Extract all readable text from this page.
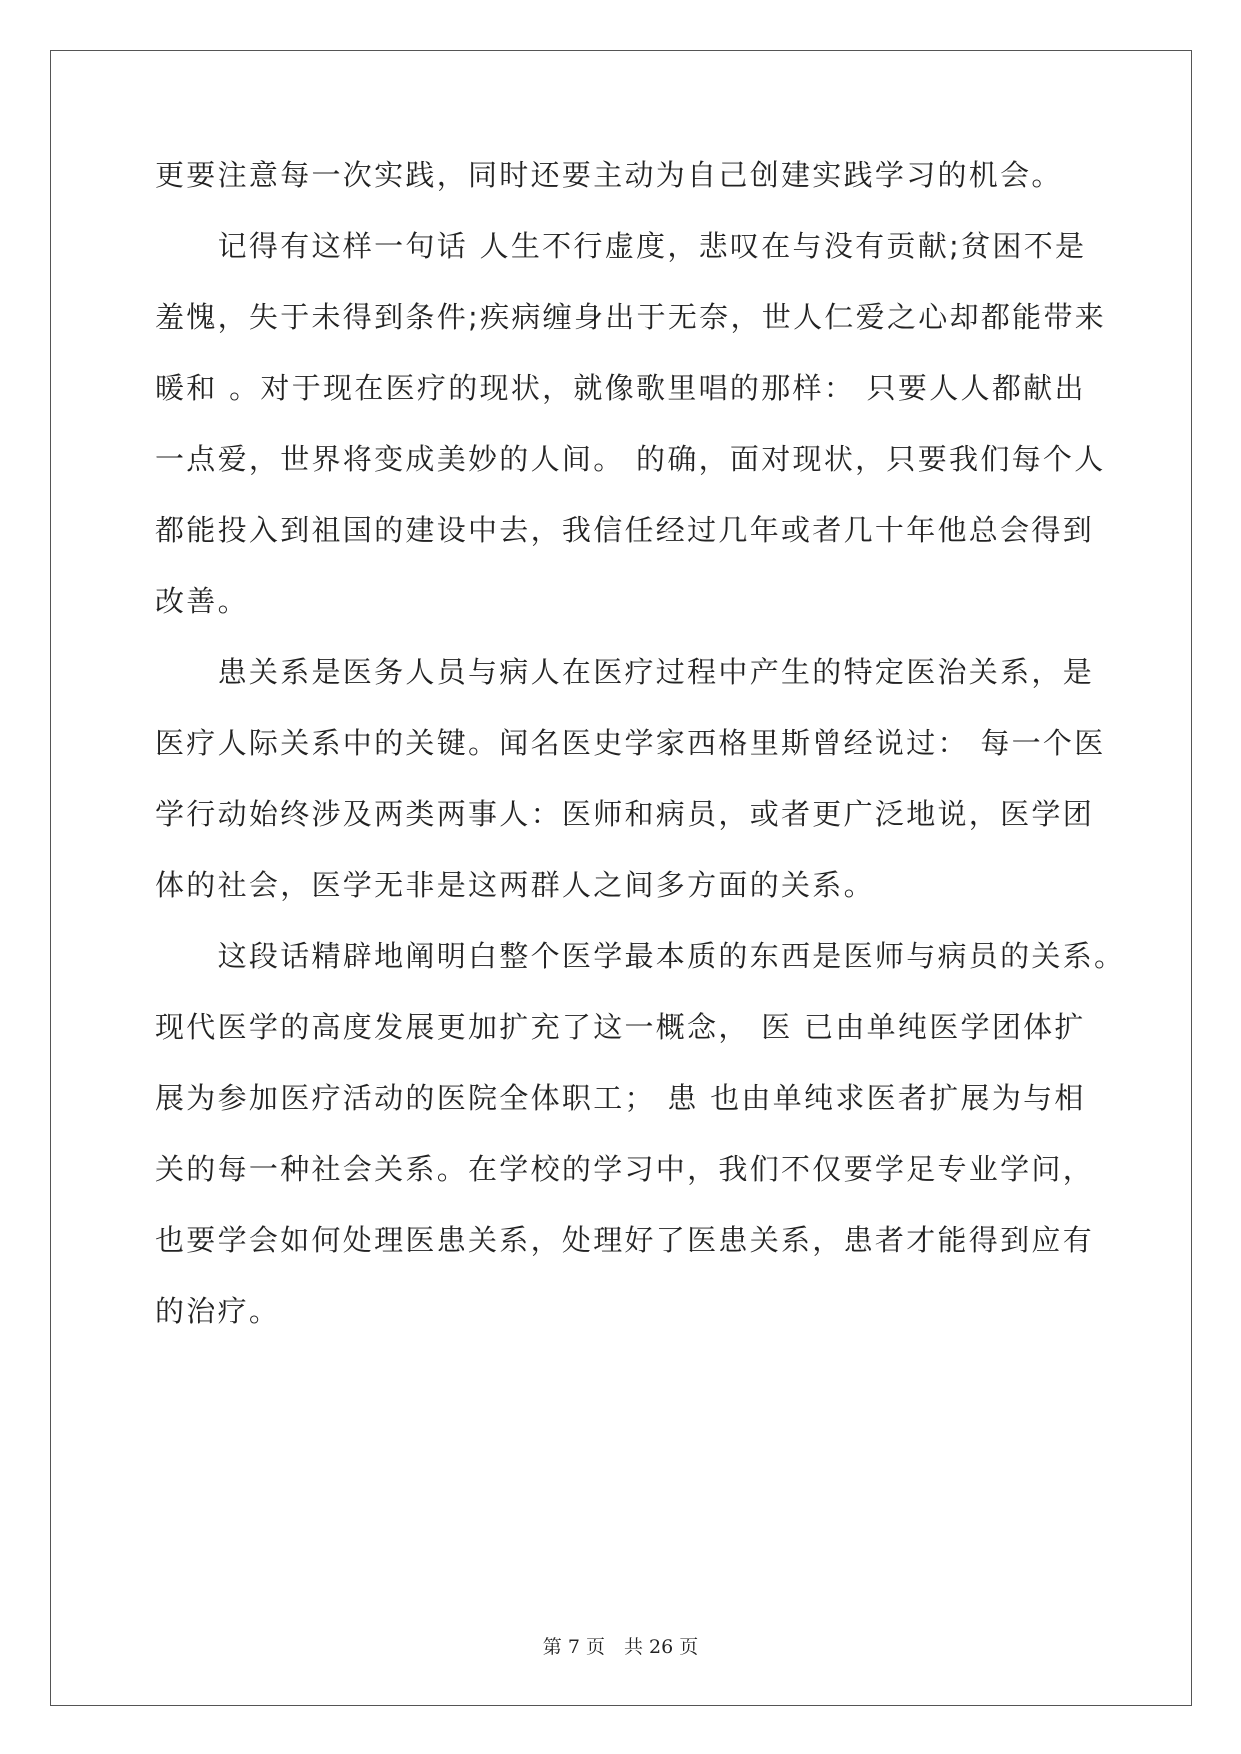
更要注意每一次实践，同时还要主动为自己创建实践学习的机会。
　　记得有这样一句话 人生不行虚度，悲叹在与没有贡献;贫困不是
羞愧，失于未得到条件;疾病缠身出于无奈，世人仁爱之心却都能带来
暖和 。对于现在医疗的现状，就像歌里唱的那样： 只要人人都献出
一点爱，世界将变成美妙的人间。 的确，面对现状，只要我们每个人
都能投入到祖国的建设中去，我信任经过几年或者几十年他总会得到
改善。
　　患关系是医务人员与病人在医疗过程中产生的特定医治关系，是
医疗人际关系中的关键。闻名医史学家西格里斯曾经说过： 每一个医
学行动始终涉及两类两事人：医师和病员，或者更广泛地说，医学团
体的社会，医学无非是这两群人之间多方面的关系。
　　这段话精辟地阐明白整个医学最本质的东西是医师与病员的关系。
现代医学的高度发展更加扩充了这一概念， 医 已由单纯医学团体扩
展为参加医疗活动的医院全体职工； 患 也由单纯求医者扩展为与相
关的每一种社会关系。在学校的学习中，我们不仅要学足专业学问，
也要学会如何处理医患关系，处理好了医患关系，患者才能得到应有
的治疗。
第 7 页　共 26 页
